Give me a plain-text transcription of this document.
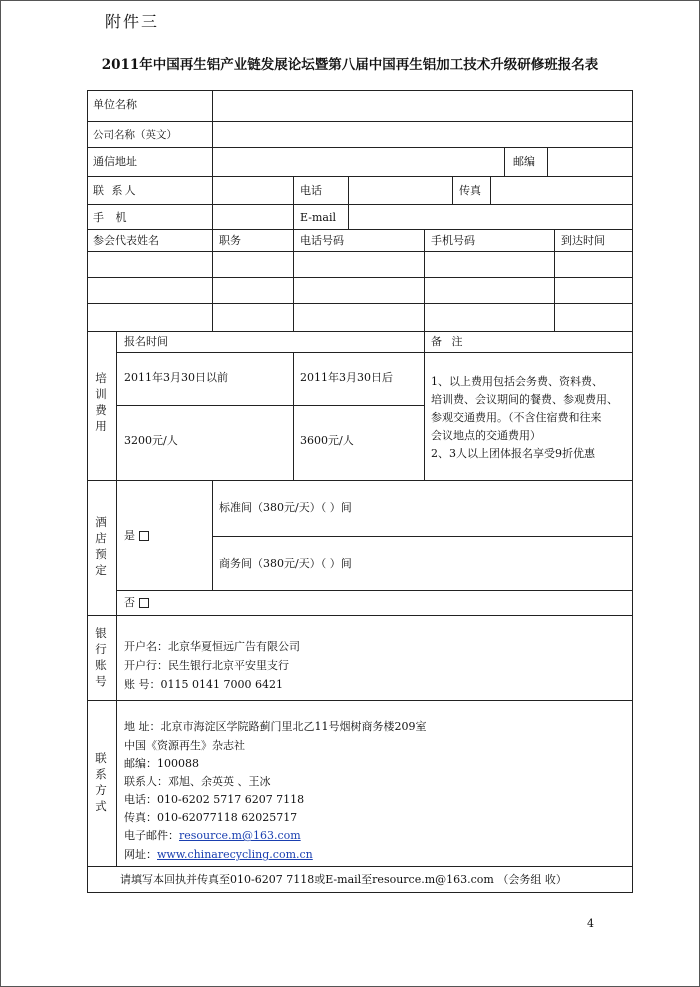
附件三
2011年中国再生铝产业链发展论坛暨第八届中国再生铝加工技术升级研修班报名表
单位名称
公司名称（英文）
通信地址	邮编
联 系人	电话	传真
手 机	E-mail
参会代表姓名	职务	电话号码	手机号码	到达时间
培训费用
报名时间	备 注
2011年3月30日以前	2011年3月30日后
3200元/人	3600元/人
1、以上费用包括会务费、资料费、
培训费、会议期间的餐费、参观费用、
参观交通费用。（不含住宿费和往来
会议地点的交通费用）
2、3人以上团体报名享受9折优惠
酒店预定
是
标准间（380元/天）（ ）间
商务间（380元/天）（ ）间
否
银行账号
开户名：北京华夏恒远广告有限公司
开户行：民生银行北京平安里支行
账 号：0115 0141 7000 6421
联系方式
地 址：北京市海淀区学院路蓟门里北乙11号烟树商务楼209室
中国《资源再生》杂志社
邮编：100088
联系人：邓旭、余英英 、王冰
电话：010-6202 5717 6207 7118
传真：010-62077118 62025717
电子邮件：resource.m@163.com
网址：www.chinarecycling.com.cn
请填写本回执并传真至010-6207 7118或E-mail至resource.m@163.com （会务组 收）
4
